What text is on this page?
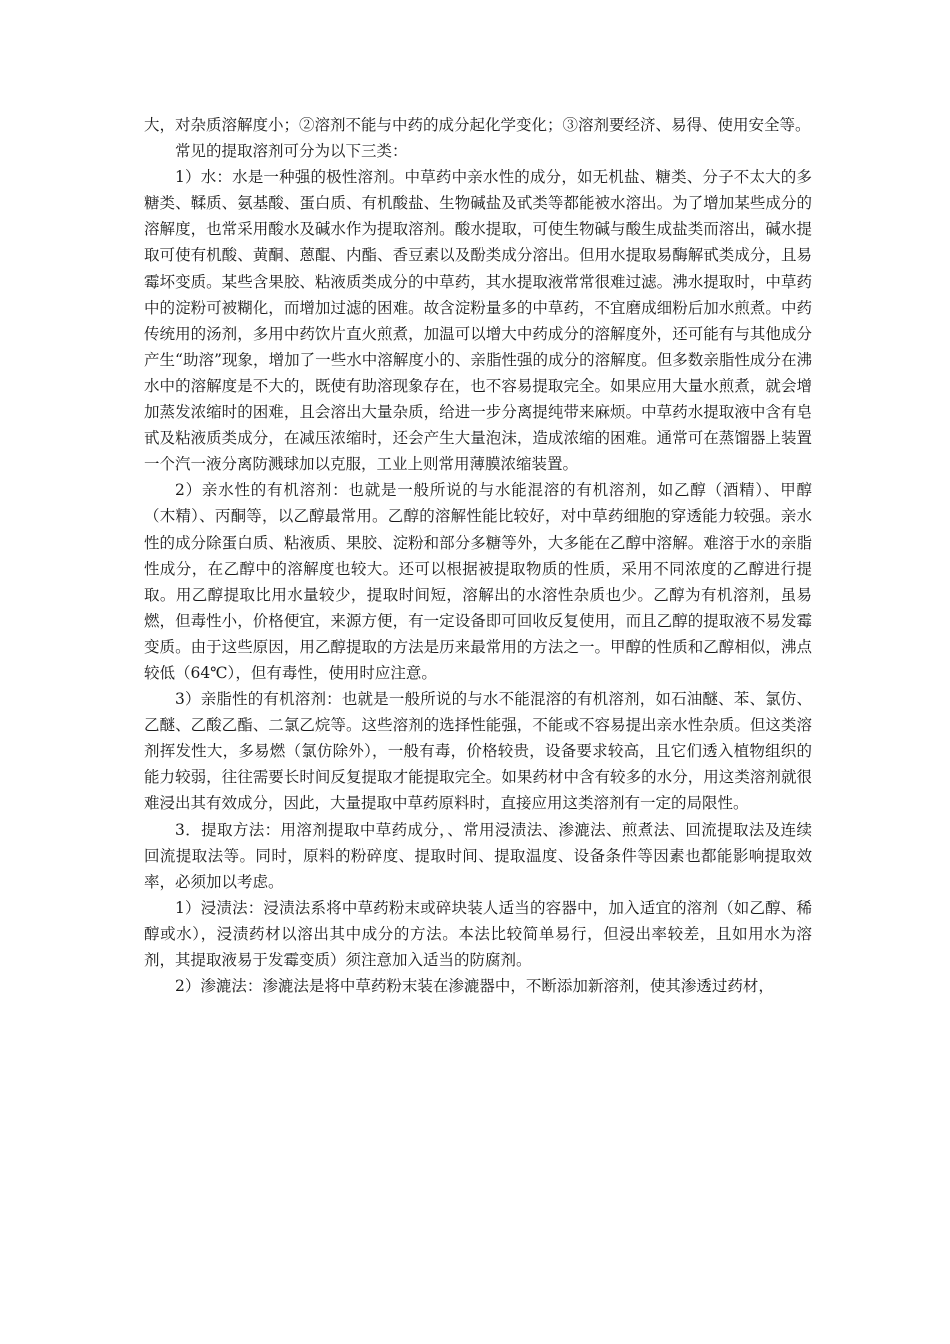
大，对杂质溶解度小；②溶剂不能与中药的成分起化学变化；③溶剂要经济、易得、使用安全等。

常见的提取溶剂可分为以下三类：

1）水：水是一种强的极性溶剂。中草药中亲水性的成分，如无机盐、糖类、分子不太大的多糖类、鞣质、氨基酸、蛋白质、有机酸盐、生物碱盐及甙类等都能被水溶出。为了增加某些成分的溶解度，也常采用酸水及碱水作为提取溶剂。酸水提取，可使生物碱与酸生成盐类而溶出，碱水提取可使有机酸、黄酮、蒽醌、内酯、香豆素以及酚类成分溶出。但用水提取易酶解甙类成分，且易霉坏变质。某些含果胶、粘液质类成分的中草药，其水提取液常常很难过滤。沸水提取时，中草药中的淀粉可被糊化，而增加过滤的困难。故含淀粉量多的中草药，不宜磨成细粉后加水煎煮。中药传统用的汤剂，多用中药饮片直火煎煮，加温可以增大中药成分的溶解度外，还可能有与其他成分产生“助溶”现象，增加了一些水中溶解度小的、亲脂性强的成分的溶解度。但多数亲脂性成分在沸水中的溶解度是不大的，既使有助溶现象存在，也不容易提取完全。如果应用大量水煎煮，就会增加蒸发浓缩时的困难，且会溶出大量杂质，给进一步分离提纯带来麻烦。中草药水提取液中含有皂甙及粘液质类成分，在减压浓缩时，还会产生大量泡沫，造成浓缩的困难。通常可在蒸馏器上装置一个汽一液分离防溅球加以克服，工业上则常用薄膜浓缩装置。

2）亲水性的有机溶剂：也就是一般所说的与水能混溶的有机溶剂，如乙醇（酒精）、甲醇（木精）、丙酮等，以乙醇最常用。乙醇的溶解性能比较好，对中草药细胞的穿透能力较强。亲水性的成分除蛋白质、粘液质、果胶、淀粉和部分多糖等外，大多能在乙醇中溶解。难溶于水的亲脂性成分，在乙醇中的溶解度也较大。还可以根据被提取物质的性质，采用不同浓度的乙醇进行提取。用乙醇提取比用水量较少，提取时间短，溶解出的水溶性杂质也少。乙醇为有机溶剂，虽易燃，但毒性小，价格便宜，来源方便，有一定设备即可回收反复使用，而且乙醇的提取液不易发霉变质。由于这些原因，用乙醇提取的方法是历来最常用的方法之一。甲醇的性质和乙醇相似，沸点较低（64℃），但有毒性，使用时应注意。

3）亲脂性的有机溶剂：也就是一般所说的与水不能混溶的有机溶剂，如石油醚、苯、氯仿、乙醚、乙酸乙酯、二氯乙烷等。这些溶剂的选择性能强，不能或不容易提出亲水性杂质。但这类溶剂挥发性大，多易燃（氯仿除外），一般有毒，价格较贵，设备要求较高，且它们透入植物组织的能力较弱，往往需要长时间反复提取才能提取完全。如果药材中含有较多的水分，用这类溶剂就很难浸出其有效成分，因此，大量提取中草药原料时，直接应用这类溶剂有一定的局限性。

3．提取方法：用溶剂提取中草药成分，、常用浸渍法、渗漉法、煎煮法、回流提取法及连续回流提取法等。同时，原料的粉碎度、提取时间、提取温度、设备条件等因素也都能影响提取效率，必须加以考虑。

1）浸渍法：浸渍法系将中草药粉末或碎块装人适当的容器中，加入适宜的溶剂（如乙醇、稀醇或水），浸渍药材以溶出其中成分的方法。本法比较简单易行，但浸出率较差，且如用水为溶剂，其提取液易于发霉变质）须注意加入适当的防腐剂。

2）渗漉法：渗漉法是将中草药粉末装在渗漉器中，不断添加新溶剂，使其渗透过药材，
